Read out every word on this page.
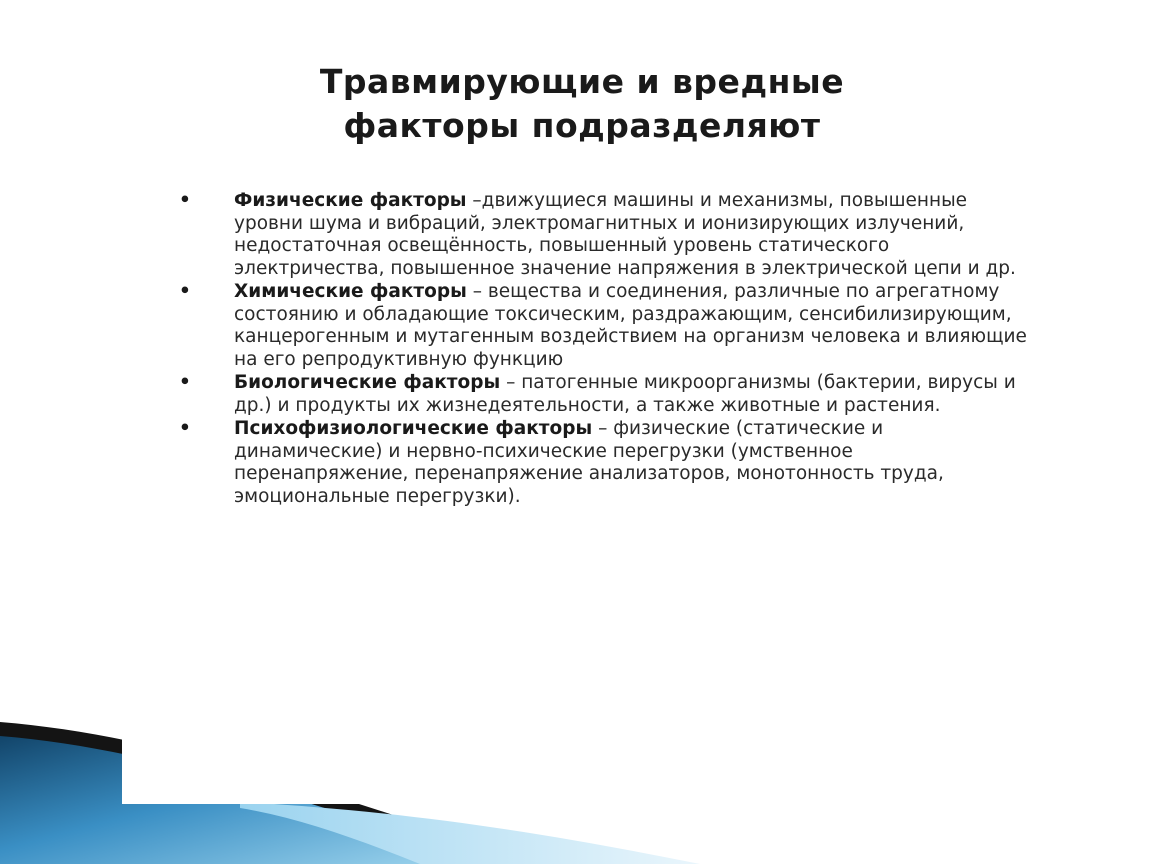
Травмирующие и вредные
факторы подразделяют
• Физические факторы –движущиеся машины и механизмы, повышенные уровни шума и вибраций, электромагнитных и ионизирующих излучений, недостаточная освещённость, повышенный уровень статического электричества, повышенное значение напряжения в электрической цепи и др.
• Химические факторы – вещества и соединения, различные по агрегатному состоянию и обладающие токсическим, раздражающим, сенсибилизирующим, канцерогенным и мутагенным воздействием на организм человека и влияющие на его репродуктивную функцию
• Биологические факторы – патогенные микроорганизмы (бактерии, вирусы и др.) и продукты их жизнедеятельности, а также животные и растения.
• Психофизиологические факторы – физические (статические и динамические) и нервно-психические перегрузки (умственное перенапряжение, перенапряжение анализаторов, монотонность труда, эмоциональные перегрузки).
